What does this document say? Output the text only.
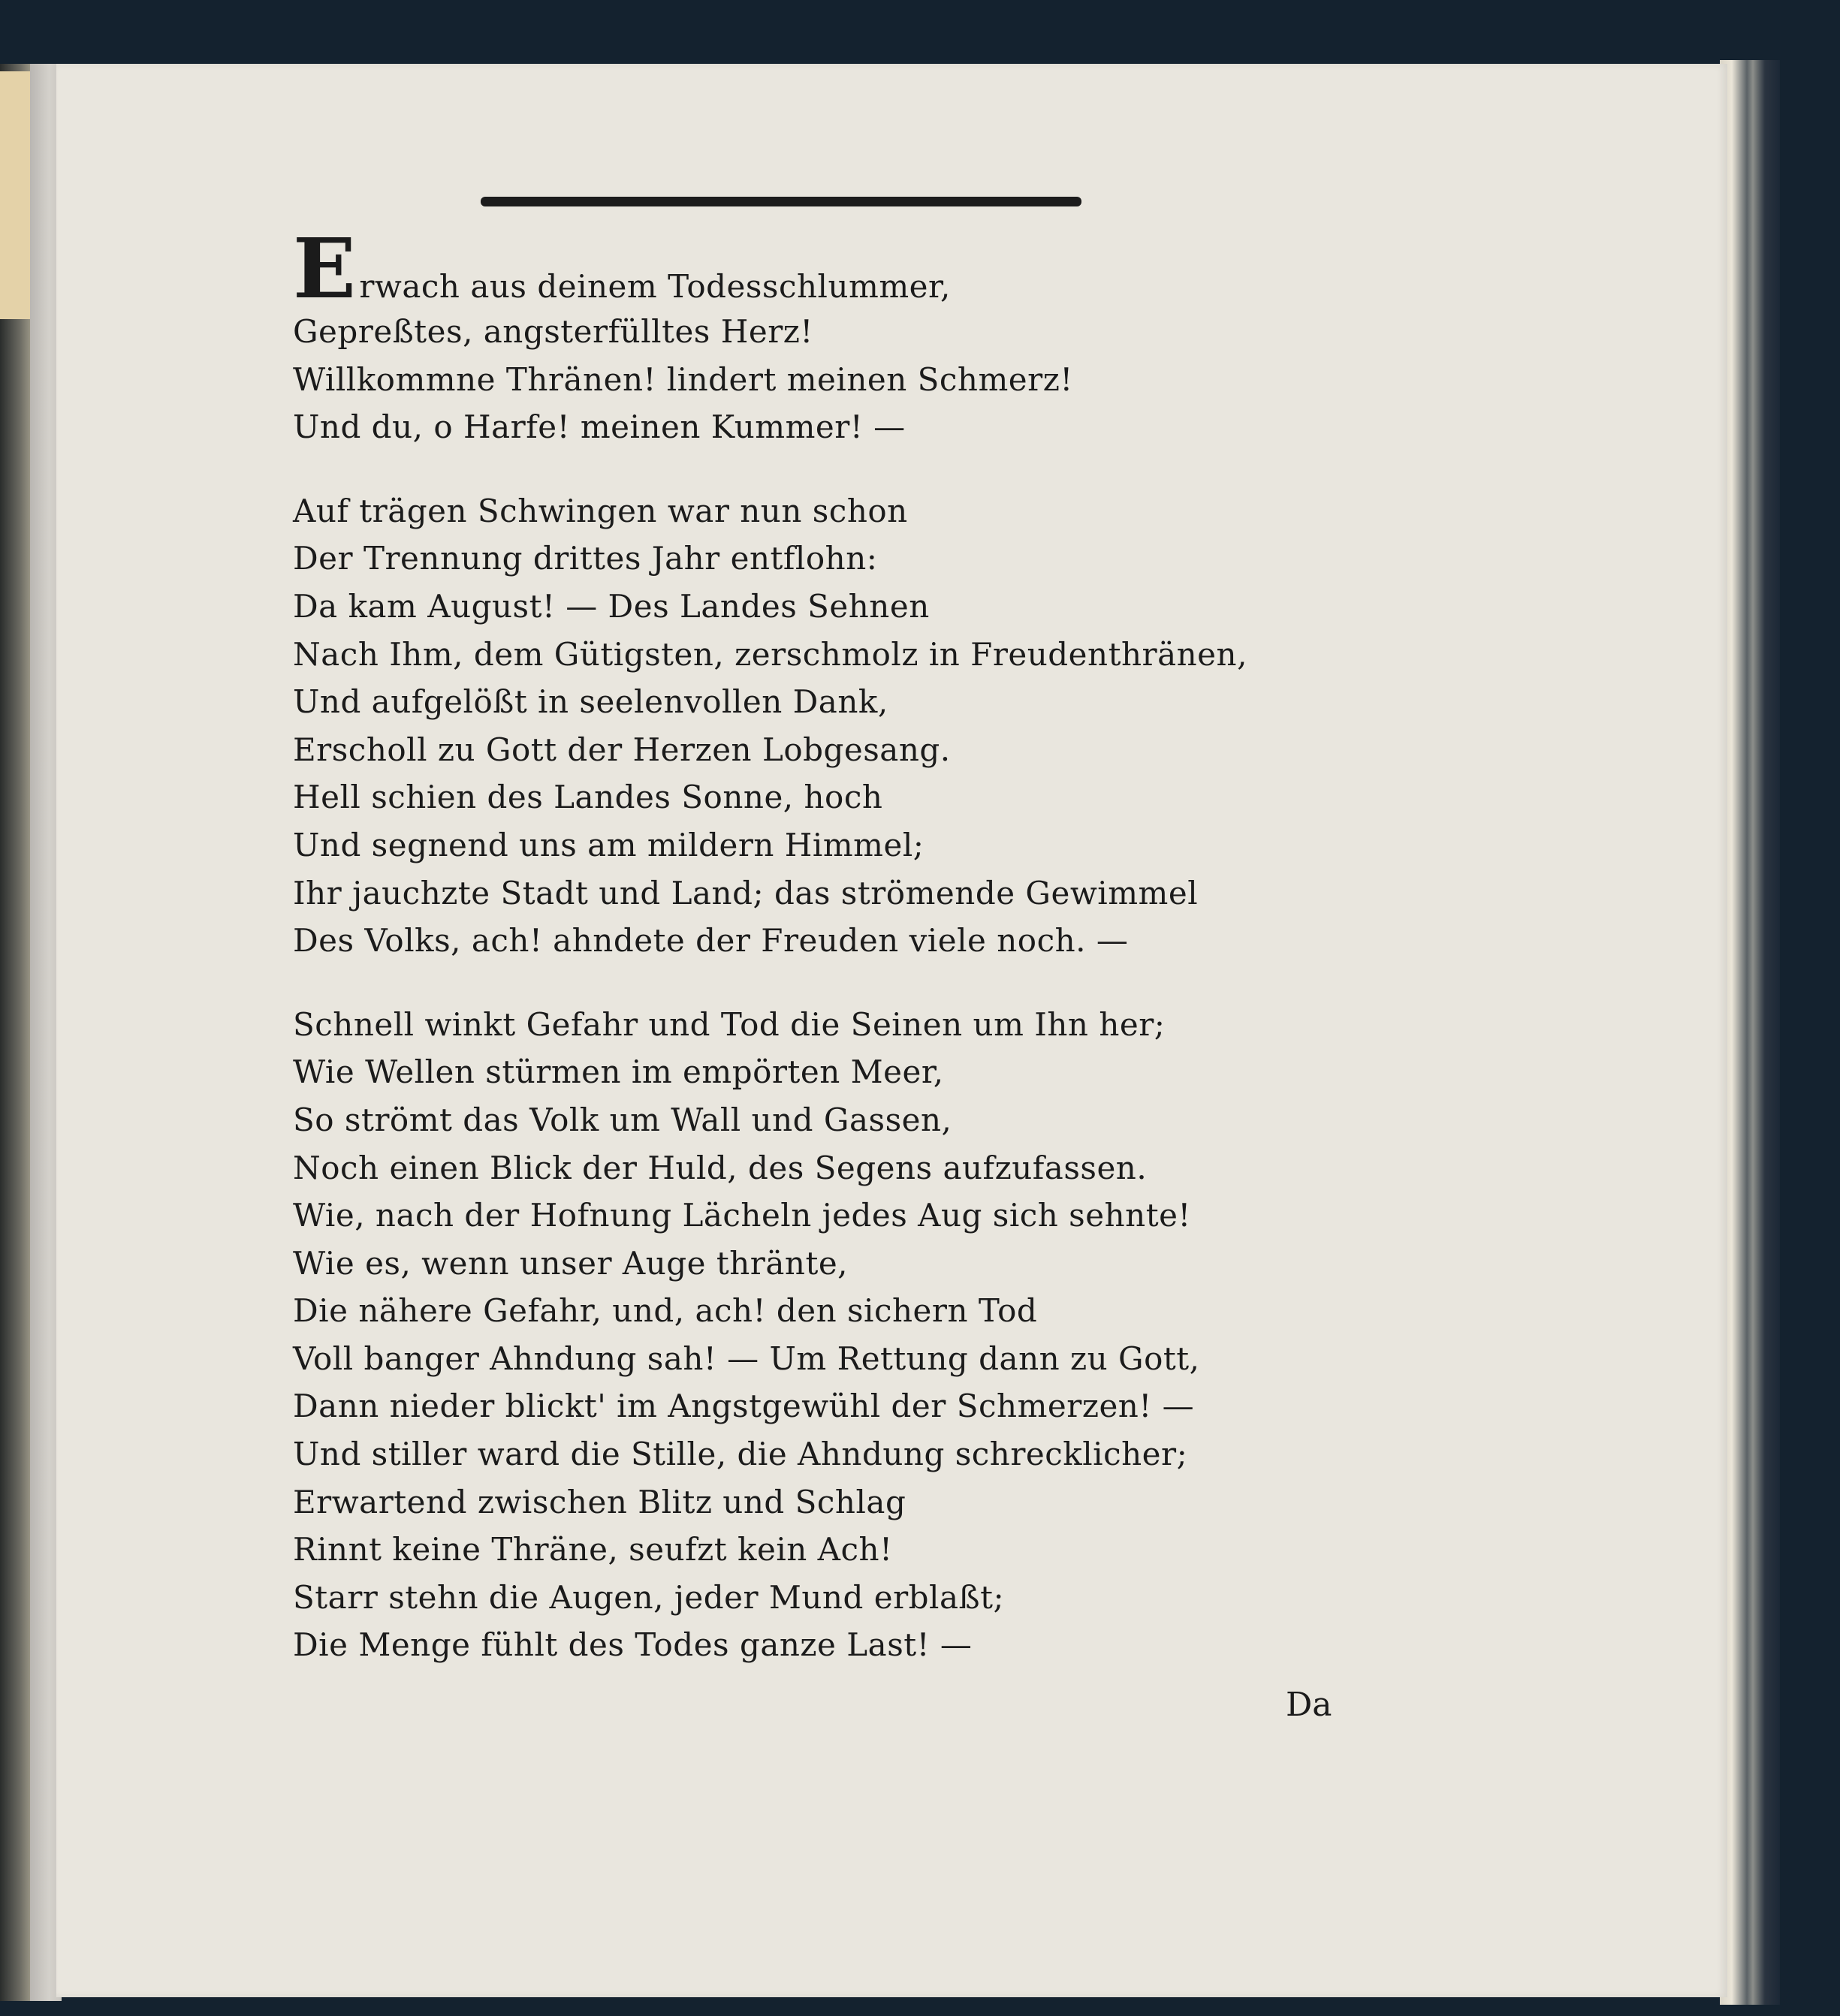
Erwach aus deinem Todesschlummer,
Gepreßtes, angsterfülltes Herz!
Willkommne Thränen! lindert meinen Schmerz!
Und du, o Harfe! meinen Kummer! —
Auf trägen Schwingen war nun schon
Der Trennung drittes Jahr entflohn:
Da kam August! — Des Landes Sehnen
Nach Ihm, dem Gütigsten, zerschmolz in Freudenthränen,
Und aufgelößt in seelenvollen Dank,
Erscholl zu Gott der Herzen Lobgesang.
Hell schien des Landes Sonne, hoch
Und segnend uns am mildern Himmel;
Ihr jauchzte Stadt und Land; das strömende Gewimmel
Des Volks, ach! ahndete der Freuden viele noch. —
Schnell winkt Gefahr und Tod die Seinen um Ihn her;
Wie Wellen stürmen im empörten Meer,
So strömt das Volk um Wall und Gassen,
Noch einen Blick der Huld, des Segens aufzufassen.
Wie, nach der Hofnung Lächeln jedes Aug sich sehnte!
Wie es, wenn unser Auge thränte,
Die nähere Gefahr, und, ach! den sichern Tod
Voll banger Ahndung sah! — Um Rettung dann zu Gott,
Dann nieder blickt' im Angstgewühl der Schmerzen! —
Und stiller ward die Stille, die Ahndung schrecklicher;
Erwartend zwischen Blitz und Schlag
Rinnt keine Thräne, seufzt kein Ach!
Starr stehn die Augen, jeder Mund erblaßt;
Die Menge fühlt des Todes ganze Last! —
Da
